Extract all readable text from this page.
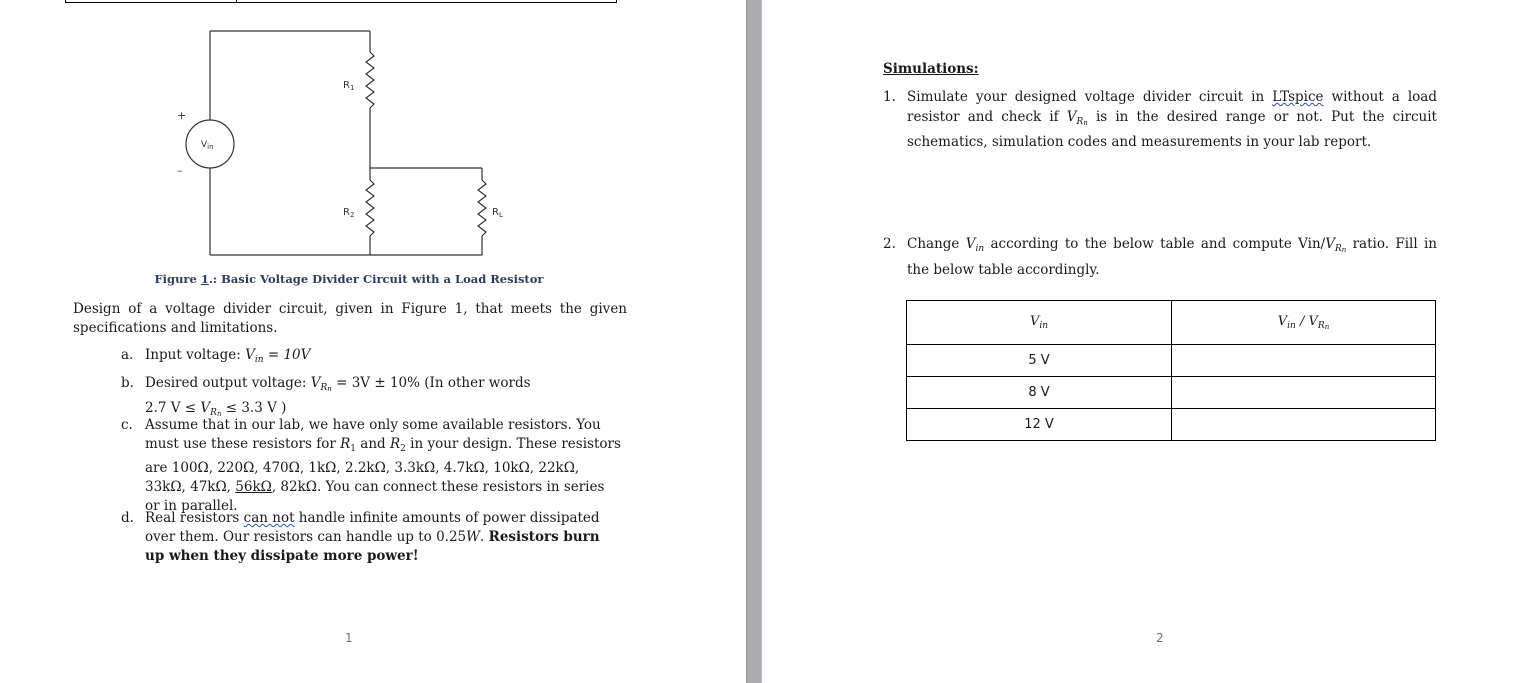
$R_1$
$R_2$	$R_L$
$V_{in}$
+
–
Figure 1.: Basic Voltage Divider Circuit with a Load Resistor
Design of a voltage divider circuit, given in Figure 1, that meets the given specifications and limitations.
a. Input voltage: $V_{in} = 10V$
b. Desired output voltage: $V_{Rn} = 3V \pm 10\%$ (In other words
2.7 $V \le V_{Rn} \le 3.3$ V )
c. Assume that in our lab, we have only some available resistors. You must use these resistors for $R_1$ and $R_2$ in your design. These resistors are 100Ω, 220Ω, 470Ω, 1kΩ, 2.2kΩ, 3.3kΩ, 4.7kΩ, 10kΩ, 22kΩ, 33kΩ, 47kΩ, 56kΩ, 82kΩ. You can connect these resistors in series or in parallel.
d. Real resistors can not handle infinite amounts of power dissipated over them. Our resistors can handle up to 0.25W. Resistors burn up when they dissipate more power!
1
Simulations:
1. Simulate your designed voltage divider circuit in LTspice without a load resistor and check if $V_{Rn}$ is in the desired range or not. Put the circuit schematics, simulation codes and measurements in your lab report.
2. Change $V_{in}$ according to the below table and compute Vin/$V_{Rn}$ ratio. Fill in the below table accordingly.
$V_{in}$	$V_{in} / V_{Rn}$
5 V	
8 V	
12 V	
2
